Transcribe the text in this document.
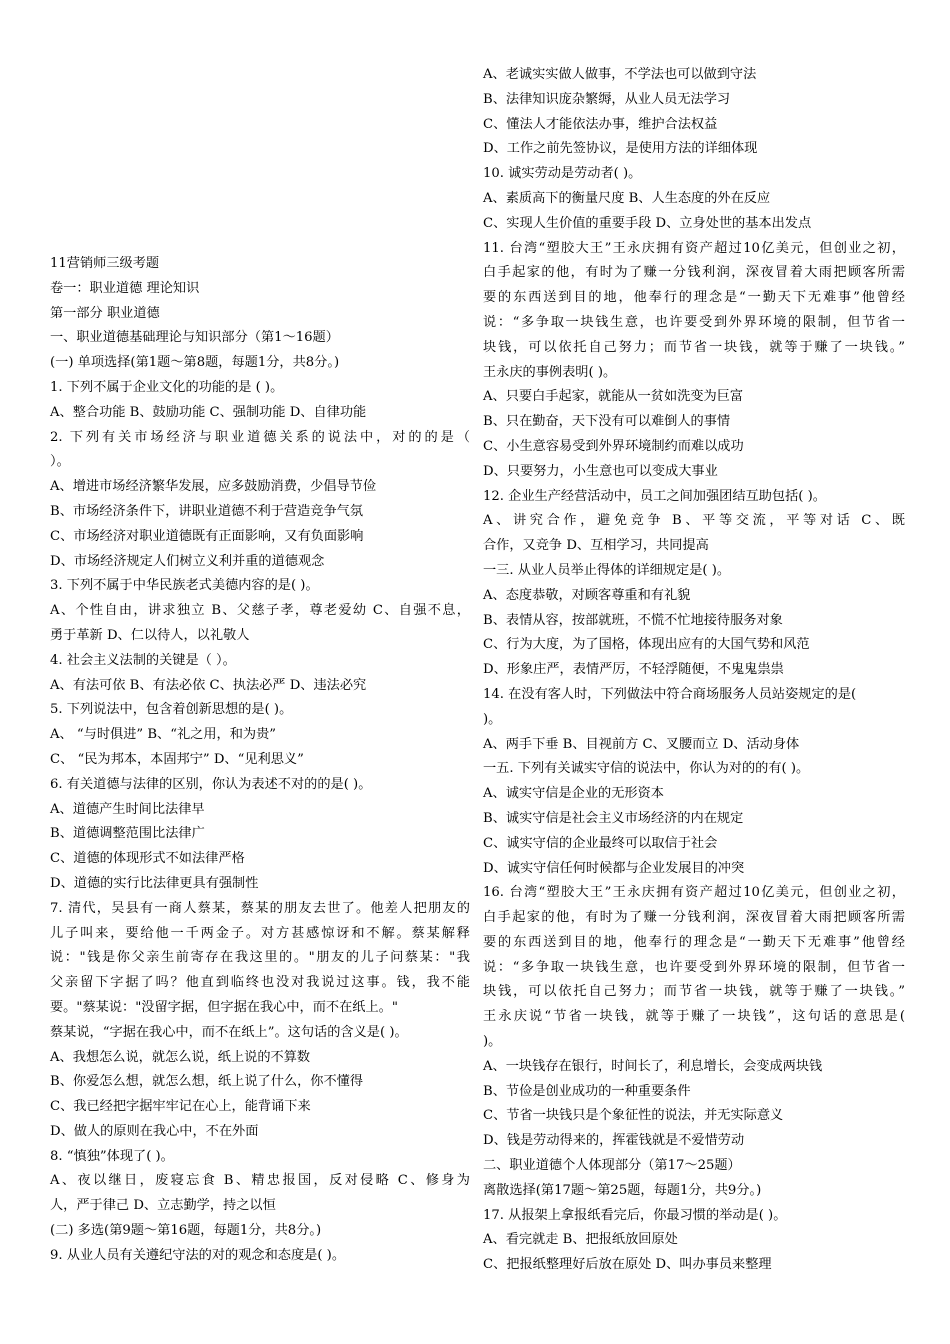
11营销师三级考题
卷一：职业道德 理论知识
第一部分 职业道德
一、职业道德基础理论与知识部分（第1～16题）
(一) 单项选择(第1题～第8题，每题1分，共8分。)
1. 下列不属于企业文化的功能的是 ( )。
A、整合功能 B、鼓励功能 C、强制功能 D、自律功能
2. 下列有关市场经济与职业道德关系的说法中，对的的是（
）。
A、增进市场经济繁华发展，应多鼓励消费，少倡导节俭
B、市场经济条件下，讲职业道德不利于营造竞争气氛
C、市场经济对职业道德既有正面影响，又有负面影响
D、市场经济规定人们树立义利并重的道德观念
3. 下列不属于中华民族老式美德内容的是( )。
A、个性自由，讲求独立 B、父慈子孝，尊老爱幼 C、自强不息，
勇于革新 D、仁以待人，以礼敬人
4. 社会主义法制的关键是（ ）。
A、有法可依 B、有法必依 C、执法必严 D、违法必究
5. 下列说法中，包含着创新思想的是( )。
A、 “与时俱进” B、“礼之用，和为贵”
C、 “民为邦本，本固邦宁” D、“见利思义”
6. 有关道德与法律的区别，你认为表述不对的的是( )。
A、道德产生时间比法律早
B、道德调整范围比法律广
C、道德的体现形式不如法律严格
D、道德的实行比法律更具有强制性
7. 清代，吴县有一商人蔡某，蔡某的朋友去世了。他差人把朋友的
儿子叫来，要给他一千两金子。对方甚感惊讶和不解。蔡某解释
说："钱是你父亲生前寄存在我这里的。"朋友的儿子问蔡某："我
父亲留下字据了吗？他直到临终也没对我说过这事。钱，我不能
要。"蔡某说："没留字据，但字据在我心中，而不在纸上。"
蔡某说，“字据在我心中，而不在纸上”。这句话的含义是( )。
A、我想怎么说，就怎么说，纸上说的不算数
B、你爱怎么想，就怎么想，纸上说了什么，你不懂得
C、我已经把字据牢牢记在心上，能背诵下来
D、做人的原则在我心中，不在外面
8. “慎独”体现了( )。
A、夜以继日，废寝忘食 B、精忠报国，反对侵略 C、修身为
人，严于律己 D、立志勤学，持之以恒
(二) 多选(第9题～第16题，每题1分，共8分。)
9. 从业人员有关遵纪守法的对的观念和态度是( )。
A、老诚实实做人做事，不学法也可以做到守法
B、法律知识庞杂繁缛，从业人员无法学习
C、懂法人才能依法办事，维护合法权益
D、工作之前先签协议，是使用方法的详细体现
10. 诚实劳动是劳动者( )。
A、素质高下的衡量尺度 B、人生态度的外在反应
C、实现人生价值的重要手段 D、立身处世的基本出发点
11. 台湾“塑胶大王”王永庆拥有资产超过10亿美元，但创业之初，
白手起家的他，有时为了赚一分钱利润，深夜冒着大雨把顾客所需
要的东西送到目的地，他奉行的理念是“一勤天下无难事”他曾经
说：“多争取一块钱生意，也许要受到外界环境的限制，但节省一
块钱，可以依托自己努力；而节省一块钱，就等于赚了一块钱。”
王永庆的事例表明( )。
A、只要白手起家，就能从一贫如洗变为巨富
B、只在勤奋，天下没有可以难倒人的事情
C、小生意容易受到外界环境制约而难以成功
D、只要努力，小生意也可以变成大事业
12. 企业生产经营活动中，员工之间加强团结互助包括( )。
A、讲究合作，避免竞争 B、平等交流，平等对话 C、既
合作，又竞争 D、互相学习，共同提高
一三. 从业人员举止得体的详细规定是( )。
A、态度恭敬，对顾客尊重和有礼貌
B、表情从容，按部就班，不慌不忙地接待服务对象
C、行为大度，为了国格，体现出应有的大国气势和风范
D、形象庄严，表情严厉，不轻浮随便，不鬼鬼祟祟
14. 在没有客人时，下列做法中符合商场服务人员站姿规定的是(
)。
A、两手下垂 B、目视前方 C、叉腰而立 D、活动身体
一五. 下列有关诚实守信的说法中，你认为对的的有( )。
A、诚实守信是企业的无形资本
B、诚实守信是社会主义市场经济的内在规定
C、诚实守信的企业最终可以取信于社会
D、诚实守信任何时候都与企业发展目的冲突
16. 台湾“塑胶大王”王永庆拥有资产超过10亿美元，但创业之初，
白手起家的他，有时为了赚一分钱利润，深夜冒着大雨把顾客所需
要的东西送到目的地，他奉行的理念是“一勤天下无难事”他曾经
说：“多争取一块钱生意，也许要受到外界环境的限制，但节省一
块钱，可以依托自己努力；而节省一块钱，就等于赚了一块钱。”
王永庆说“节省一块钱，就等于赚了一块钱”，这句话的意思是(
)。
A、一块钱存在银行，时间长了，利息增长，会变成两块钱
B、节俭是创业成功的一种重要条件
C、节省一块钱只是个象征性的说法，并无实际意义
D、钱是劳动得来的，挥霍钱就是不爱惜劳动
二、职业道德个人体现部分（第17～25题）
离散选择(第17题～第25题，每题1分，共9分。)
17. 从报架上拿报纸看完后，你最习惯的举动是( )。
A、看完就走 B、把报纸放回原处
C、把报纸整理好后放在原处 D、叫办事员来整理
